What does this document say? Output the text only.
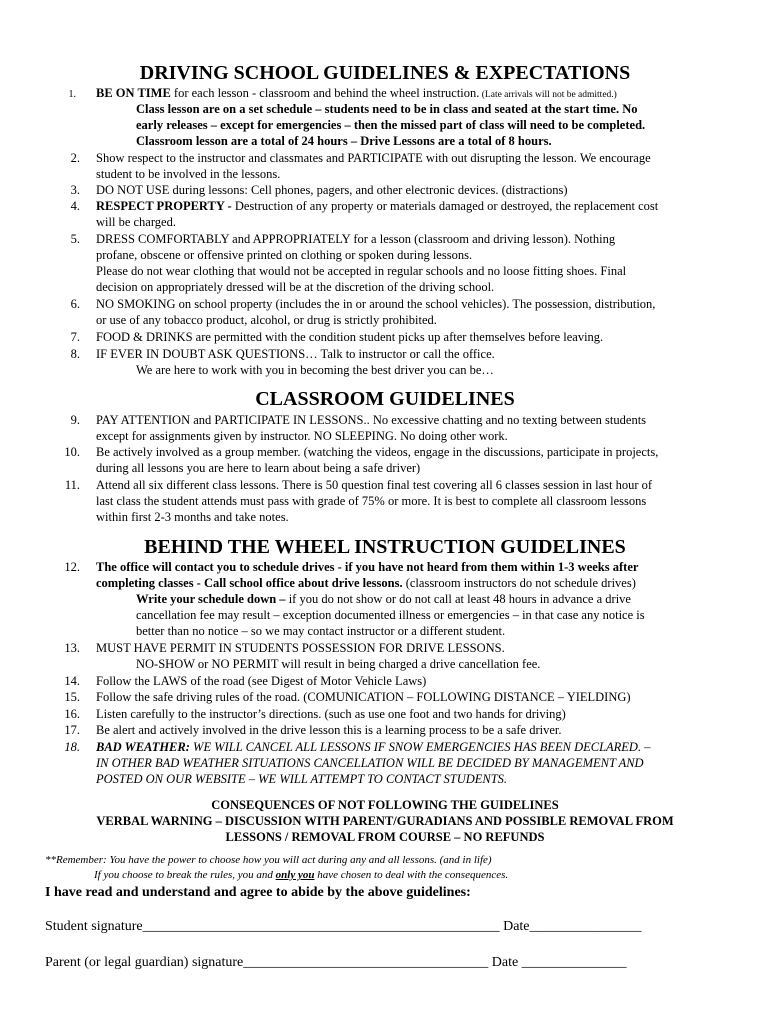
DRIVING SCHOOL GUIDELINES & EXPECTATIONS
1. BE ON TIME for each lesson - classroom and behind the wheel instruction. (Late arrivals will not be admitted.)
Class lesson are on a set schedule – students need to be in class and seated at the start time. No
early releases – except for emergencies – then the missed part of class will need to be completed.
Classroom lesson are a total of 24 hours – Drive Lessons are a total of 8 hours.
2. Show respect to the instructor and classmates and PARTICIPATE with out disrupting the lesson. We encourage
student to be involved in the lessons.
3. DO NOT USE during lessons: Cell phones, pagers, and other electronic devices. (distractions)
4. RESPECT PROPERTY - Destruction of any property or materials damaged or destroyed, the replacement cost
will be charged.
5. DRESS COMFORTABLY and APPROPRIATELY for a lesson (classroom and driving lesson). Nothing
profane, obscene or offensive printed on clothing or spoken during lessons.
Please do not wear clothing that would not be accepted in regular schools and no loose fitting shoes. Final
decision on appropriately dressed will be at the discretion of the driving school.
6. NO SMOKING on school property (includes the in or around the school vehicles). The possession, distribution,
or use of any tobacco product, alcohol, or drug is strictly prohibited.
7. FOOD & DRINKS are permitted with the condition student picks up after themselves before leaving.
8. IF EVER IN DOUBT ASK QUESTIONS… Talk to instructor or call the office.
We are here to work with you in becoming the best driver you can be…
CLASSROOM GUIDELINES
9. PAY ATTENTION and PARTICIPATE IN LESSONS.. No excessive chatting and no texting between students
except for assignments given by instructor. NO SLEEPING. No doing other work.
10. Be actively involved as a group member. (watching the videos, engage in the discussions, participate in projects,
during all lessons you are here to learn about being a safe driver)
11. Attend all six different class lessons. There is 50 question final test covering all 6 classes session in last hour of
last class the student attends must pass with grade of 75% or more. It is best to complete all classroom lessons
within first 2-3 months and take notes.
BEHIND THE WHEEL INSTRUCTION GUIDELINES
12. The office will contact you to schedule drives - if you have not heard from them within 1-3 weeks after
completing classes - Call school office about drive lessons. (classroom instructors do not schedule drives)
Write your schedule down – if you do not show or do not call at least 48 hours in advance a drive
cancellation fee may result – exception documented illness or emergencies – in that case any notice is
better than no notice – so we may contact instructor or a different student.
13. MUST HAVE PERMIT IN STUDENTS POSSESSION FOR DRIVE LESSONS.
NO-SHOW or NO PERMIT will result in being charged a drive cancellation fee.
14. Follow the LAWS of the road (see Digest of Motor Vehicle Laws)
15. Follow the safe driving rules of the road. (COMUNICATION – FOLLOWING DISTANCE – YIELDING)
16. Listen carefully to the instructor’s directions. (such as use one foot and two hands for driving)
17. Be alert and actively involved in the drive lesson this is a learning process to be a safe driver.
18. BAD WEATHER: WE WILL CANCEL ALL LESSONS IF SNOW EMERGENCIES HAS BEEN DECLARED. –
IN OTHER BAD WEATHER SITUATIONS CANCELLATION WILL BE DECIDED BY MANAGEMENT AND
POSTED ON OUR WEBSITE – WE WILL ATTEMPT TO CONTACT STUDENTS.
CONSEQUENCES OF NOT FOLLOWING THE GUIDELINES
VERBAL WARNING – DISCUSSION WITH PARENT/GURADIANS AND POSSIBLE REMOVAL FROM
LESSONS / REMOVAL FROM COURSE – NO REFUNDS
**Remember: You have the power to choose how you will act during any and all lessons. (and in life)
If you choose to break the rules, you and only you have chosen to deal with the consequences.
I have read and understand and agree to abide by the above guidelines:
Student signature___________________________________________________ Date________________
Parent (or legal guardian) signature___________________________________ Date _______________
